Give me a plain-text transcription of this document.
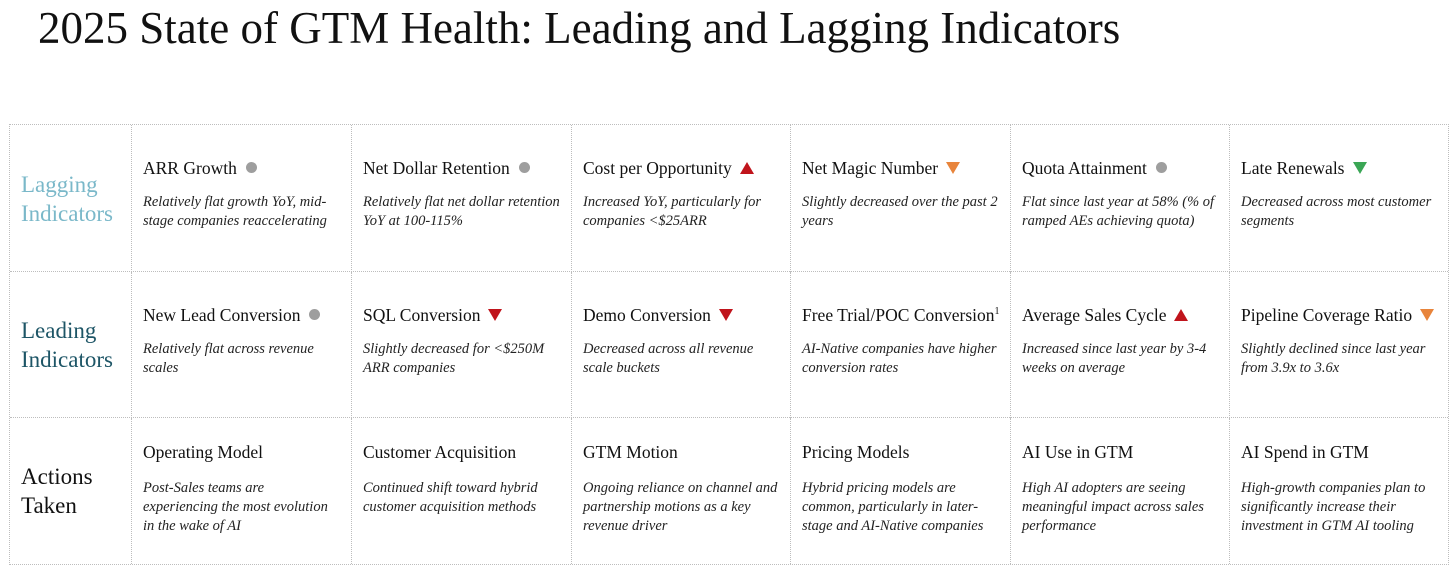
2025 State of GTM Health: Leading and Lagging Indicators
Lagging
Indicators
ARR Growth
Relatively flat growth YoY, mid-stage companies reaccelerating
Net Dollar Retention
Relatively flat net dollar retention YoY at 100-115%
Cost per Opportunity
Increased YoY, particularly for companies <$25ARR
Net Magic Number
Slightly decreased over the past 2 years
Quota Attainment
Flat since last year at 58% (% of ramped AEs achieving quota)
Late Renewals
Decreased across most customer segments
Leading
Indicators
New Lead Conversion
Relatively flat across revenue scales
SQL Conversion
Slightly decreased for <$250M ARR companies
Demo Conversion
Decreased across all revenue scale buckets
Free Trial/POC Conversion$^1$
AI-Native companies have higher conversion rates
Average Sales Cycle
Increased since last year by 3-4 weeks on average
Pipeline Coverage Ratio
Slightly declined since last year from 3.9x to 3.6x
Actions
Taken
Operating Model
Post-Sales teams are experiencing the most evolution in the wake of AI
Customer Acquisition
Continued shift toward hybrid customer acquisition methods
GTM Motion
Ongoing reliance on channel and partnership motions as a key revenue driver
Pricing Models
Hybrid pricing models are common, particularly in later-stage and AI-Native companies
AI Use in GTM
High AI adopters are seeing meaningful impact across sales performance
AI Spend in GTM
High-growth companies plan to significantly increase their investment in GTM AI tooling
